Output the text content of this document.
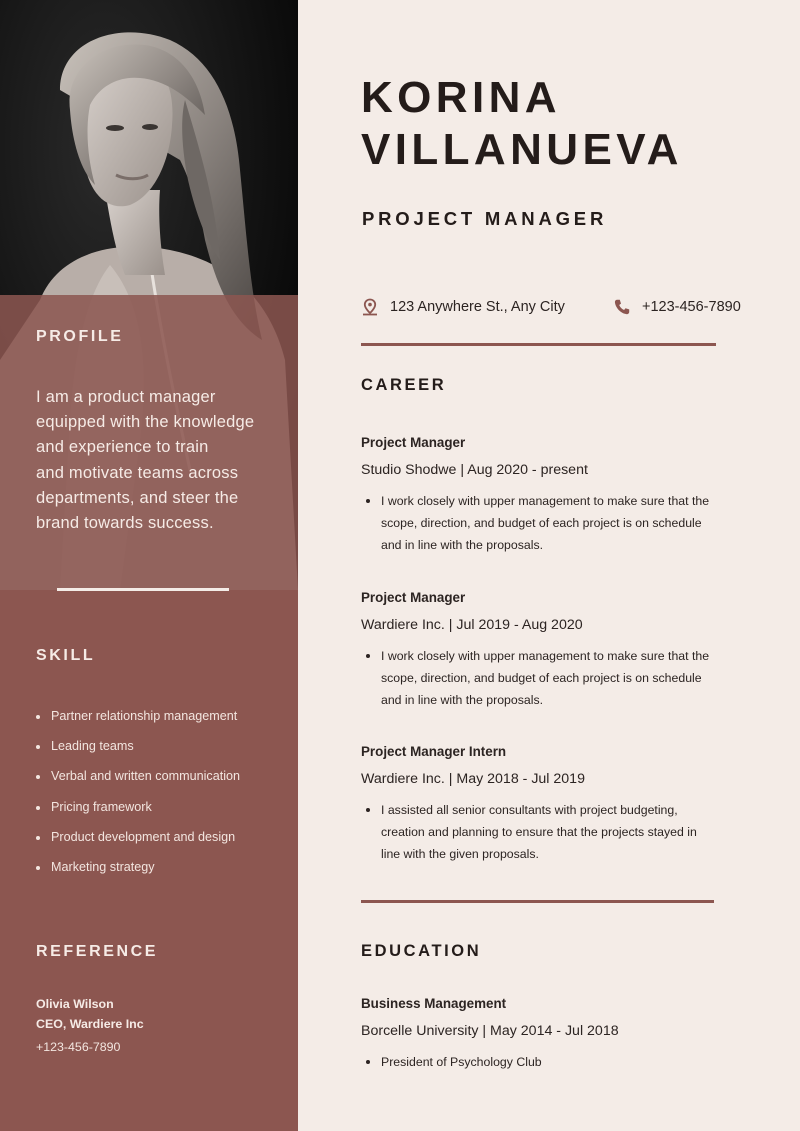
PROFILE
I am a product manager
equipped with the knowledge
and experience to train
and motivate teams across
departments, and steer the
brand towards success.
SKILL
Partner relationship management
Leading teams
Verbal and written communication
Pricing framework
Product development and design
Marketing strategy
REFERENCE
Olivia Wilson
CEO, Wardiere Inc
+123-456-7890
KORINA
VILLANUEVA
PROJECT MANAGER
123 Anywhere St., Any City	+123-456-7890
CAREER
Project Manager
Studio Shodwe | Aug 2020 - present
I work closely with upper management to make sure that the
scope, direction, and budget of each project is on schedule
and in line with the proposals.
Project Manager
Wardiere Inc. | Jul 2019 - Aug 2020
I work closely with upper management to make sure that the
scope, direction, and budget of each project is on schedule
and in line with the proposals.
Project Manager Intern
Wardiere Inc. | May 2018 - Jul 2019
I assisted all senior consultants with project budgeting,
creation and planning to ensure that the projects stayed in
line with the given proposals.
EDUCATION
Business Management
Borcelle University | May 2014 - Jul 2018
President of Psychology Club
